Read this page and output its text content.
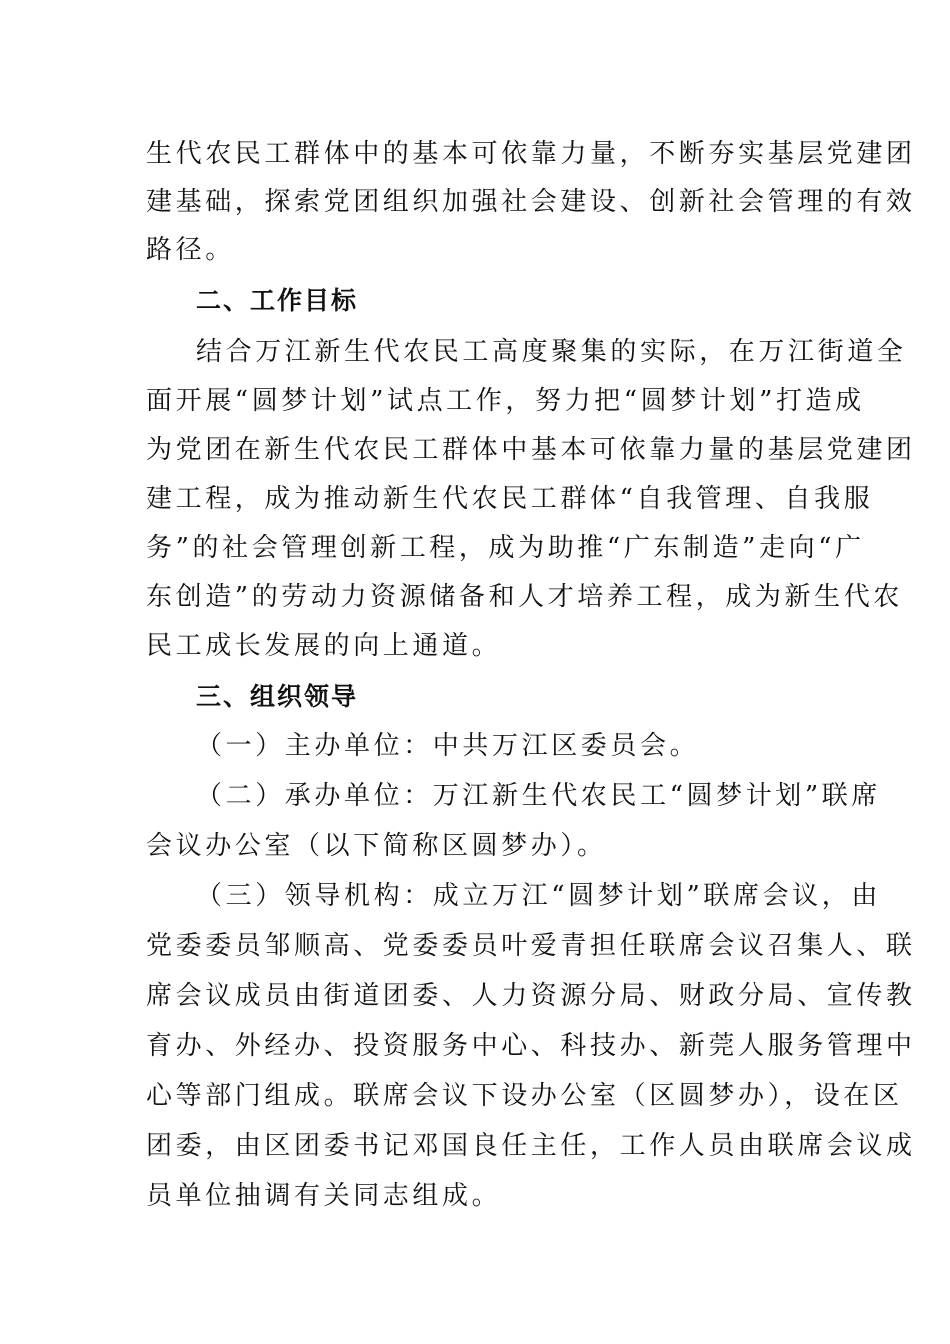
生代农民工群体中的基本可依靠力量，不断夯实基层党建团
建基础，探索党团组织加强社会建设、创新社会管理的有效
路径。
二、工作目标
结合万江新生代农民工高度聚集的实际，在万江街道全
面开展“圆梦计划”试点工作，努力把“圆梦计划”打造成
为党团在新生代农民工群体中基本可依靠力量的基层党建团
建工程，成为推动新生代农民工群体“自我管理、自我服
务”的社会管理创新工程，成为助推“广东制造”走向“广
东创造”的劳动力资源储备和人才培养工程，成为新生代农
民工成长发展的向上通道。
三、组织领导
（一）主办单位：中共万江区委员会。
（二）承办单位：万江新生代农民工“圆梦计划”联席
会议办公室（以下简称区圆梦办）。
（三）领导机构：成立万江“圆梦计划”联席会议，由
党委委员邹顺高、党委委员叶爱青担任联席会议召集人、联
席会议成员由街道团委、人力资源分局、财政分局、宣传教
育办、外经办、投资服务中心、科技办、新莞人服务管理中
心等部门组成。联席会议下设办公室（区圆梦办），设在区
团委，由区团委书记邓国良任主任，工作人员由联席会议成
员单位抽调有关同志组成。
